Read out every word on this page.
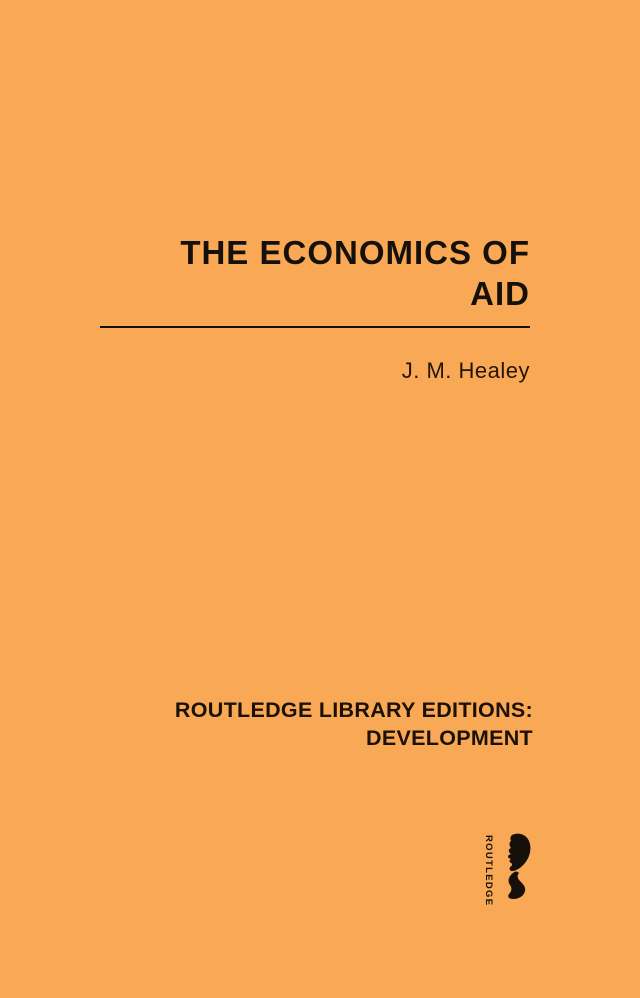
THE ECONOMICS OF
AID
J. M. Healey
ROUTLEDGE LIBRARY EDITIONS:
DEVELOPMENT
ROUTLEDGE
